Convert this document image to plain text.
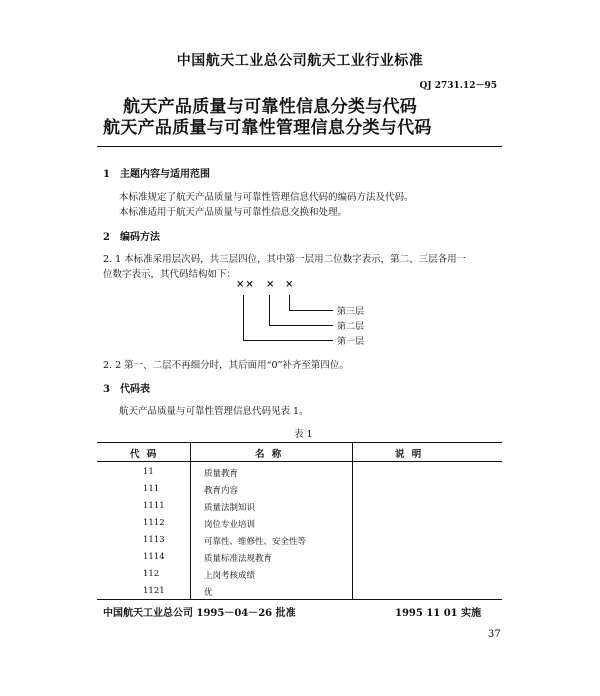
中国航天工业总公司航天工业行业标准
QJ 2731.12－95
航天产品质量与可靠性信息分类与代码
航天产品质量与可靠性管理信息分类与代码
1 主题内容与适用范围
本标准规定了航天产品质量与可靠性管理信息代码的编码方法及代码。
本标准适用于航天产品质量与可靠性信息交换和处理。
2 编码方法
2. 1 本标准采用层次码，共三层四位，其中第一层用二位数字表示，第二、三层各用一
位数字表示，其代码结构如下：
×× × ×
第三层
第二层
第一层
2. 2 第一、二层不再细分时，其后面用“0”补齐至第四位。
3 代码表
航天产品质量与可靠性管理信息代码见表 1。
表 1
代 码	名 称	说 明
11	质量教育
111	教育内容
1111	质量法制知识
1112	岗位专业培训
1113	可靠性、维修性、安全性等
1114	质量标准法规教育
112	上岗考核成绩
1121	优
中国航天工业总公司 1995－04－26 批准	1995 11 01 实施
37
